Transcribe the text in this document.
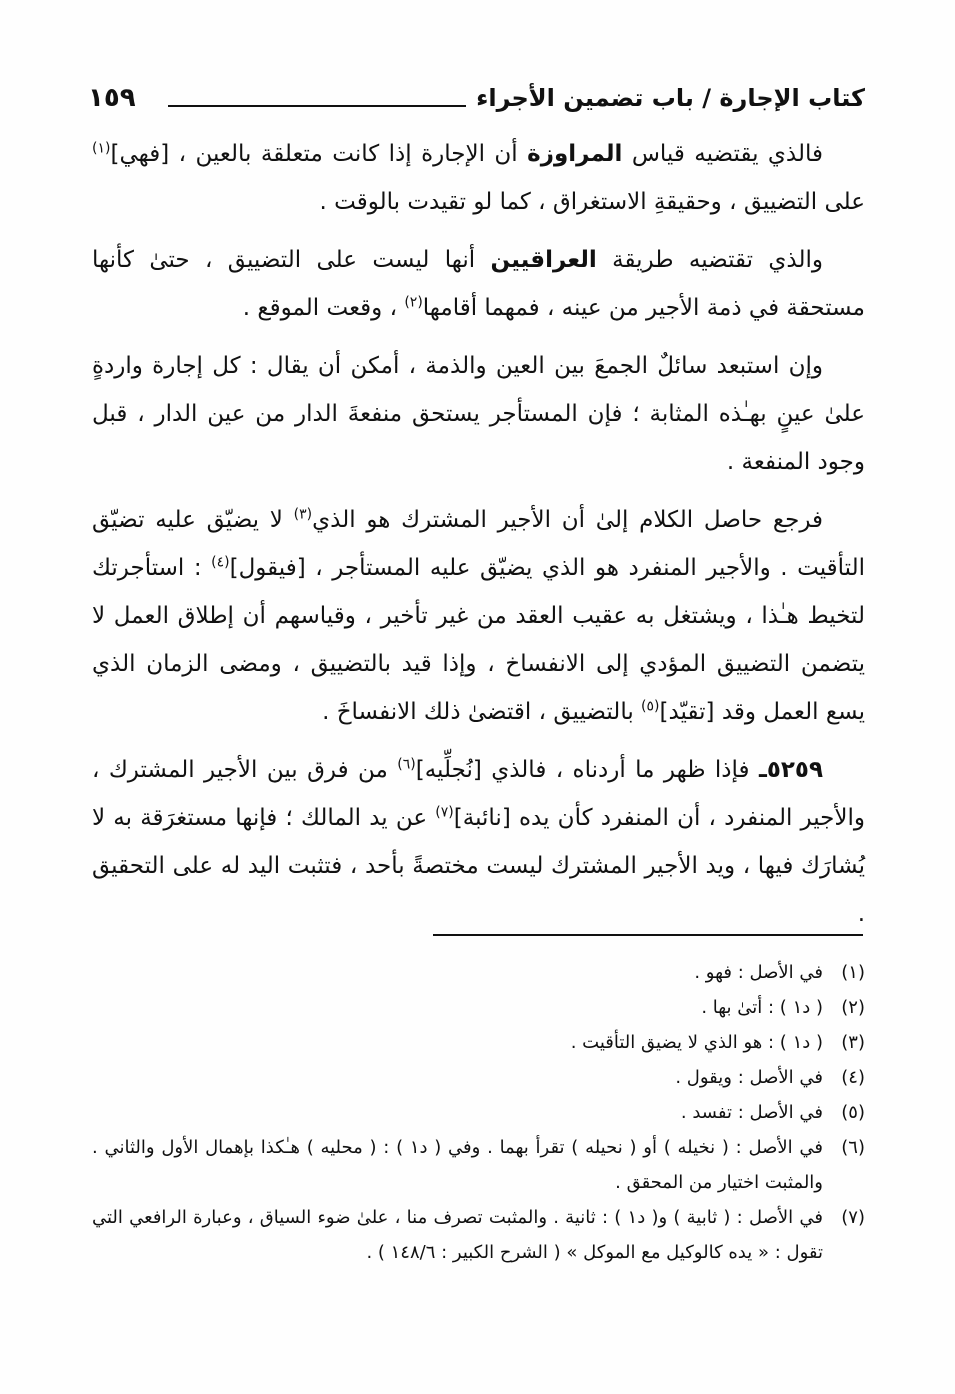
١٥٩	كتاب الإجارة / باب تضمين الأجراء

فالذي يقتضيه قياس المراوزة أن الإجارة إذا كانت متعلقة بالعين ، [فهي]$^{(١)}$ على التضييق ، وحقيقةِ الاستغراق ، كما لو تقيدت بالوقت .

والذي تقتضيه طريقة العراقيين أنها ليست على التضييق ، حتىٰ كأنها مستحقة في ذمة الأجير من عينه ، فمهما أقامها$^{(٢)}$ ، وقعت الموقع .

وإن استبعد سائلٌ الجمعَ بين العين والذمة ، أمكن أن يقال : كل إجارة واردةٍ علىٰ عينٍ بهـٰذه المثابة ؛ فإن المستأجر يستحق منفعةَ الدار من عين الدار ، قبل وجود المنفعة .

فرجع حاصل الكلام إلىٰ أن الأجير المشترك هو الذي$^{(٣)}$ لا يضيّق عليه تضيّق التأقيت . والأجير المنفرد هو الذي يضيّق عليه المستأجر ، [فيقول]$^{(٤)}$ : استأجرتك لتخيط هـٰذا ، ويشتغل به عقيب العقد من غير تأخير ، وقياسهم أن إطلاق العمل لا يتضمن التضييق المؤدي إلى الانفساخ ، وإذا قيد بالتضييق ، ومضى الزمان الذي يسع العمل وقد [تقيّد]$^{(٥)}$ بالتضييق ، اقتضىٰ ذلك الانفساخَ .

٥٢٥٩ـ فإذا ظهر ما أردناه ، فالذي [نُجلِّيه]$^{(٦)}$ من فرق بين الأجير المشترك ، والأجير المنفرد ، أن المنفرد كأن يده [نائبة]$^{(٧)}$ عن يد المالك ؛ فإنها مستغرَقة به لا يُشارَك فيها ، ويد الأجير المشترك ليست مختصةً بأحد ، فتثبت اليد له على التحقيق .

(١)
في الأصل : فهو .
(٢)
( د١ ) : أتىٰ بها .
(٣)
( د١ ) : هو الذي لا يضيق التأقيت .
(٤)
في الأصل : ويقول .
(٥)
في الأصل : تفسد .
(٦)
في الأصل : ( نخيله ) أو ( نحيله ) تقرأ بهما . وفي ( د١ ) : ( محليه ) هـٰكذا بإهمال الأول والثاني . والمثبت اختيار من المحقق .
(٧)
في الأصل : ( ثابية ) و( د١ ) : ثانية . والمثبت تصرف منا ، علىٰ ضوء السياق ، وعبارة الرافعي التي تقول : « يده كالوكيل مع الموكل » ( الشرح الكبير : ١٤٨/٦ ) .
